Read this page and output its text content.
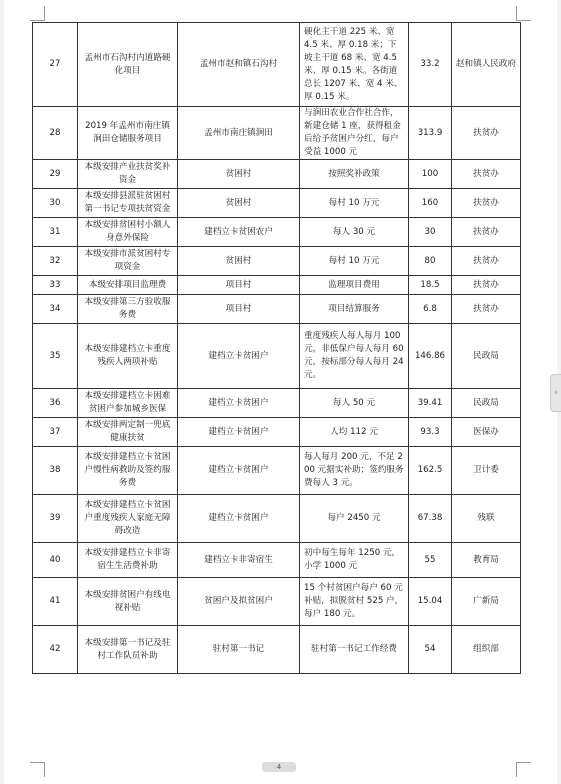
27	孟州市石沟村内道路硬化项目	孟州市赵和镇石沟村	硬化主干道 225 米、宽 4.5 米、厚 0.18 米；下坡主干道 68 米、宽 4.5 米、厚 0.15 米。各街道总长 1207 米、宽 4 米、厚 0.15 米。	33.2	赵和镇人民政府
28	2019 年孟州市南庄镇涧田仓储服务项目	孟州市南庄镇涧田	与涧田农业合作社合作，新建仓储 1 座，获得租金后给予贫困户分红，每户受益 1000 元	313.9	扶贫办
29	本级安排产业扶贫奖补资金	贫困村	按照奖补政策	100	扶贫办
30	本级安排县派驻贫困村第一书记专项扶贫资金	贫困村	每村 10 万元	160	扶贫办
31	本级安排贫困村小额人身意外保险	建档立卡贫困农户	每人 30 元	30	扶贫办
32	本级安排市派贫困村专项资金	贫困村	每村 10 万元	80	扶贫办
33	本级安排项目监理费	项目村	监理项目费用	18.5	扶贫办
34	本级安排第三方验收服务费	项目村	项目结算服务	6.8	扶贫办
35	本级安排建档立卡重度残疾人两项补贴	建档立卡贫困户	重度残疾人每人每月 100 元，非低保户每人每月 60 元，按标部分每人每月 24 元。	146.86	民政局
36	本级安排建档立卡困难贫困户参加城乡医保	建档立卡贫困户	每人 50 元	39.41	民政局
37	本级安排两定制一兜底健康扶贫	建档立卡贫困户	人均 112 元	93.3	医保办
38	本级安排建档立卡贫困户慢性病救助及签约服务费	建档立卡贫困户	每人每月 200 元，不足 200 元据实补助；签约服务费每人 3 元。	162.5	卫计委
39	本级安排建档立卡贫困户重度残疾人家庭无障碍改造	建档立卡贫困户	每户 2450 元	67.38	残联
40	本级安排建档立卡非寄宿生生活费补助	建档立卡非寄宿生	初中每生每年 1250 元，小学 1000 元	55	教育局
41	本级安排贫困户有线电视补贴	贫困户及拟贫困户	15 个村贫困户每户 60 元补贴，拟脱贫村 525 户，每户 180 元。	15.04	广新局
42	本级安排第一书记及驻村工作队员补助	驻村第一书记	驻村第一书记工作经费	54	组织部
4
›
